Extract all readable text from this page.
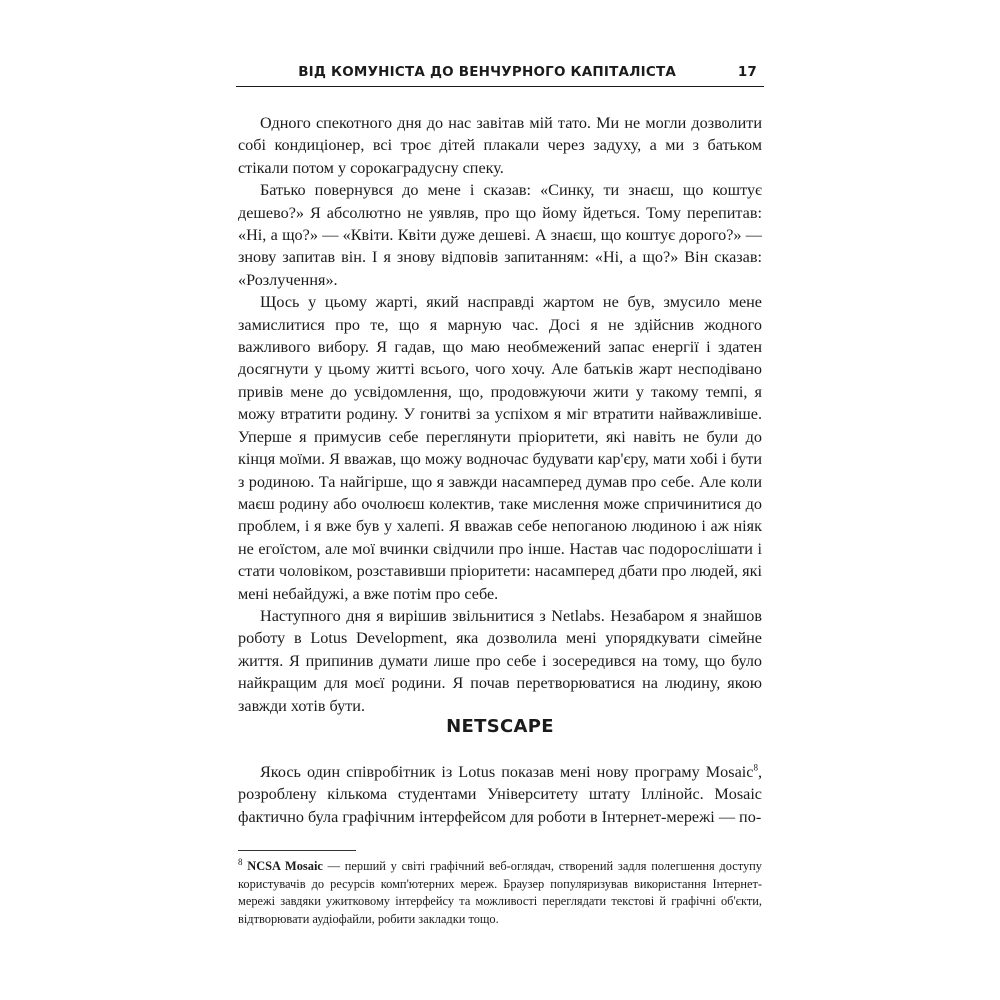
ВІД КОМУНІСТА ДО ВЕНЧУРНОГО КАПІТАЛІСТА	17

Одного спекотного дня до нас завітав мій тато. Ми не могли дозволити собі кондиціонер, всі троє дітей плакали через задуху, а ми з батьком стікали потом у сорокаградусну спеку.

Батько повернувся до мене і сказав: «Синку, ти знаєш, що коштує дешево?» Я абсолютно не уявляв, про що йому йдеться. Тому перепитав: «Ні, а що?» — «Квіти. Квіти дуже дешеві. А знаєш, що коштує дорого?» — знову запитав він. І я знову відповів запитанням: «Ні, а що?» Він сказав: «Розлучення».

Щось у цьому жарті, який насправді жартом не був, змусило мене замислитися про те, що я марную час. Досі я не здійснив жодного важливого вибору. Я гадав, що маю необмежений запас енергії і здатен досягнути у цьому житті всього, чого хочу. Але батьків жарт несподівано привів мене до усвідомлення, що, продовжуючи жити у такому темпі, я можу втратити родину. У гонитві за успіхом я міг втратити найважливіше. Уперше я примусив себе переглянути пріоритети, які навіть не були до кінця моїми. Я вважав, що можу водночас будувати кар'єру, мати хобі і бути з родиною. Та найгірше, що я завжди насамперед думав про себе. Але коли маєш родину або очолюєш колектив, таке мислення може спричинитися до проблем, і я вже був у халепі. Я вважав себе непоганою людиною і аж ніяк не егоїстом, але мої вчинки свідчили про інше. Настав час подорослішати і стати чоловіком, розставивши пріоритети: насамперед дбати про людей, які мені небайдужі, а вже потім про себе.

Наступного дня я вирішив звільнитися з Netlabs. Незабаром я знайшов роботу в Lotus Development, яка дозволила мені упорядкувати сімейне життя. Я припинив думати лише про себе і зосередився на тому, що було найкращим для моєї родини. Я почав перетворюватися на людину, якою завжди хотів бути.

NETSCAPE

Якось один співробітник із Lotus показав мені нову програму Mosaic$^8$, розроблену кількома студентами Університету штату Іллінойс. Mosaic фактично була графічним інтерфейсом для роботи в Інтернет-мережі — по-

$^8$ NCSA Mosaic — перший у світі графічний веб-оглядач, створений задля полегшення доступу користувачів до ресурсів комп'ютерних мереж. Браузер популяризував використання Інтернет-мережі завдяки ужитковому інтерфейсу та можливості переглядати текстові й графічні об'єкти, відтворювати аудіофайли, робити закладки тощо.
